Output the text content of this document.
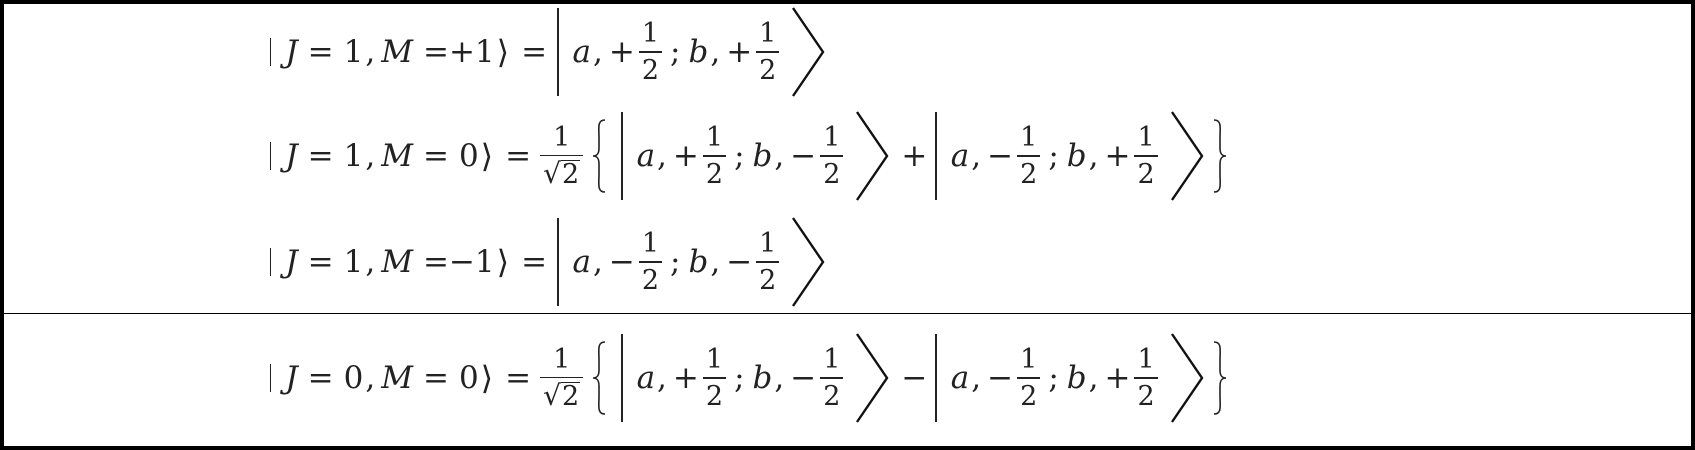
J = 1 , M = +1 ⟩ = a , + $\frac{1}{2}$ ; b , + $\frac{1}{2}$
J = 1 , M = 0 ⟩ = $\frac{1}{√ 2}$ a , + $\frac{1}{2}$ ; b , − $\frac{1}{2} + a$ , − $\frac{1}{2}$ ; b , + $\frac{1}{2}$
J = 1 , M = −1 ⟩ = a , − $\frac{1}{2}$ ; b , − $\frac{1}{2}$
J = 0 , M = 0 ⟩ = $\frac{1}{√ 2}$ a , + $\frac{1}{2}$ ; b , − $\frac{1}{2} - a$ , − $\frac{1}{2}$ ; b , + $\frac{1}{2}$
